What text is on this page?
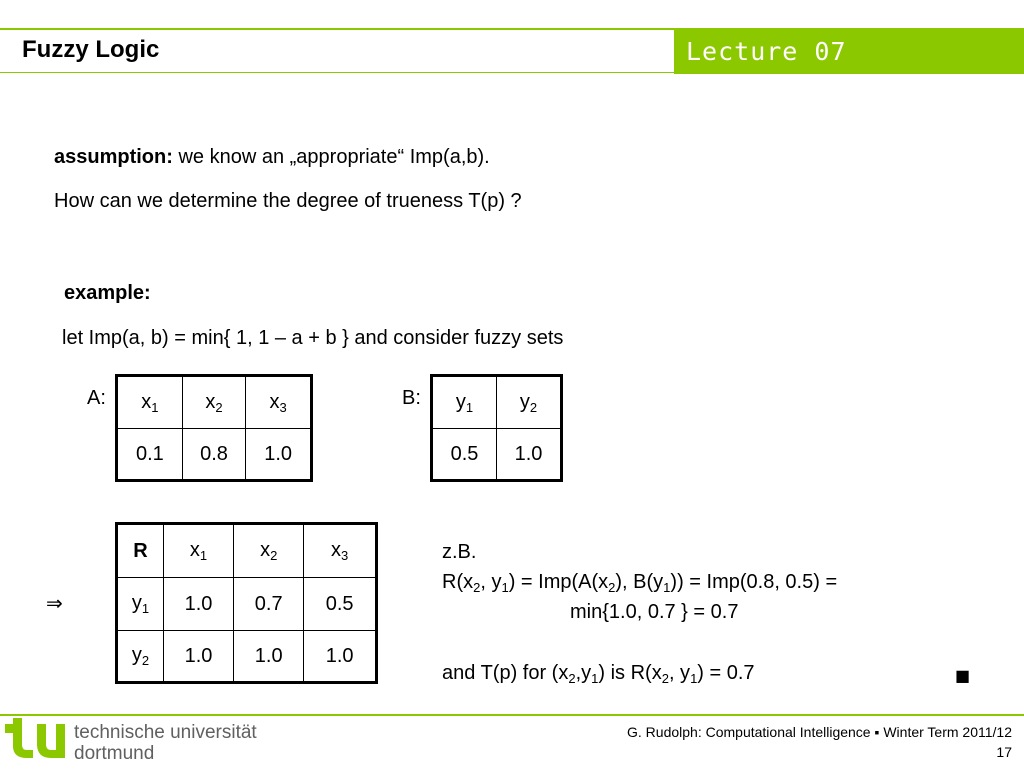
Fuzzy Logic	Lecture 07
assumption: we know an „appropriate“ Imp(a,b).
How can we determine the degree of trueness T(p) ?
example:
let Imp(a, b) = min{ 1, 1 – a + b } and consider fuzzy sets
A: $x_1$	$x_2$	$x_3$
0.1	0.8	1.0
B: $y_1$	$y_2$
0.5	1.0
⇒
R	$x_1$	$x_2$	$x_3$
$y_1$	1.0	0.7	0.5
$y_2$	1.0	1.0	1.0
z.B.
$R(x_2$, $y_1) = Imp(A(x_2)$, $B(y_1)) = Imp(0.8$, 0.5) =
min{1.0, 0.7 } = 0.7
and T(p) for $(x_2,y_1)$ is $R(x_2$, $y_1) = 0.7$	■
technische universität
dortmund
G. Rudolph: Computational Intelligence ▪ Winter Term 2011/12
17
